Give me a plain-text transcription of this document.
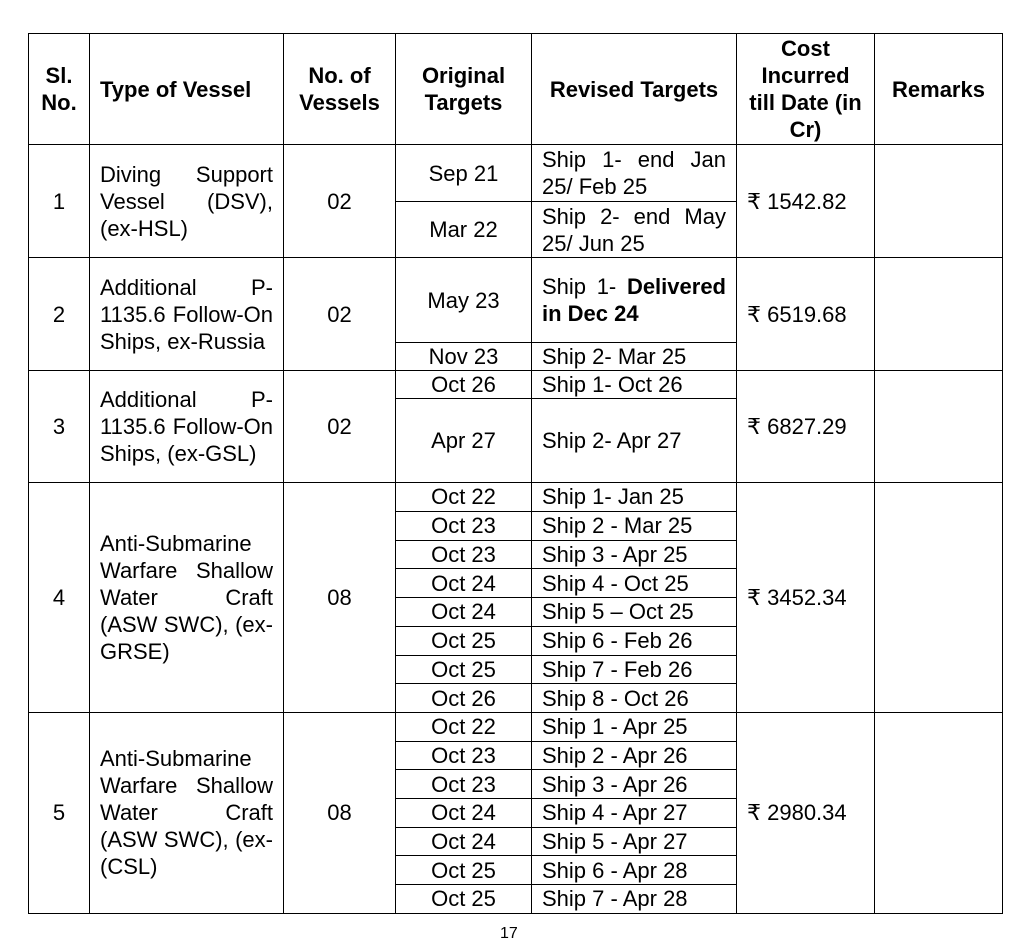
Sl. No.	Type of Vessel	No. of Vessels	Original Targets	Revised Targets	Cost Incurred till Date (in Cr)	Remarks
1	Diving Support Vessel (DSV), (ex-HSL)	02	Sep 21	Ship 1- end Jan 25/ Feb 25	₹ 1542.82	
			Mar 22	Ship 2- end May 25/ Jun 25		
2	Additional P-1135.6 Follow-On Ships, ex-Russia	02	May 23	Ship 1- Delivered in Dec 24	₹ 6519.68	
			Nov 23	Ship 2- Mar 25		
3	Additional P-1135.6 Follow-On Ships, (ex-GSL)	02	Oct 26	Ship 1- Oct 26	₹ 6827.29	
			Apr 27	Ship 2- Apr 27		
4	Anti-Submarine Warfare Shallow Water Craft (ASW SWC), (ex-GRSE)	08	Oct 22	Ship 1- Jan 25	₹ 3452.34	
			Oct 23	Ship 2 - Mar 25		
			Oct 23	Ship 3 - Apr 25		
			Oct 24	Ship 4 - Oct 25		
			Oct 24	Ship 5 – Oct 25		
			Oct 25	Ship 6 - Feb 26		
			Oct 25	Ship 7 - Feb 26		
			Oct 26	Ship 8 - Oct 26		
5	Anti-Submarine Warfare Shallow Water Craft (ASW SWC), (ex-(CSL)	08	Oct 22	Ship 1 - Apr 25	₹ 2980.34	
			Oct 23	Ship 2 - Apr 26		
			Oct 23	Ship 3 - Apr 26		
			Oct 24	Ship 4 - Apr 27		
			Oct 24	Ship 5 - Apr 27		
			Oct 25	Ship 6 - Apr 28		
			Oct 25	Ship 7 - Apr 28		
17
